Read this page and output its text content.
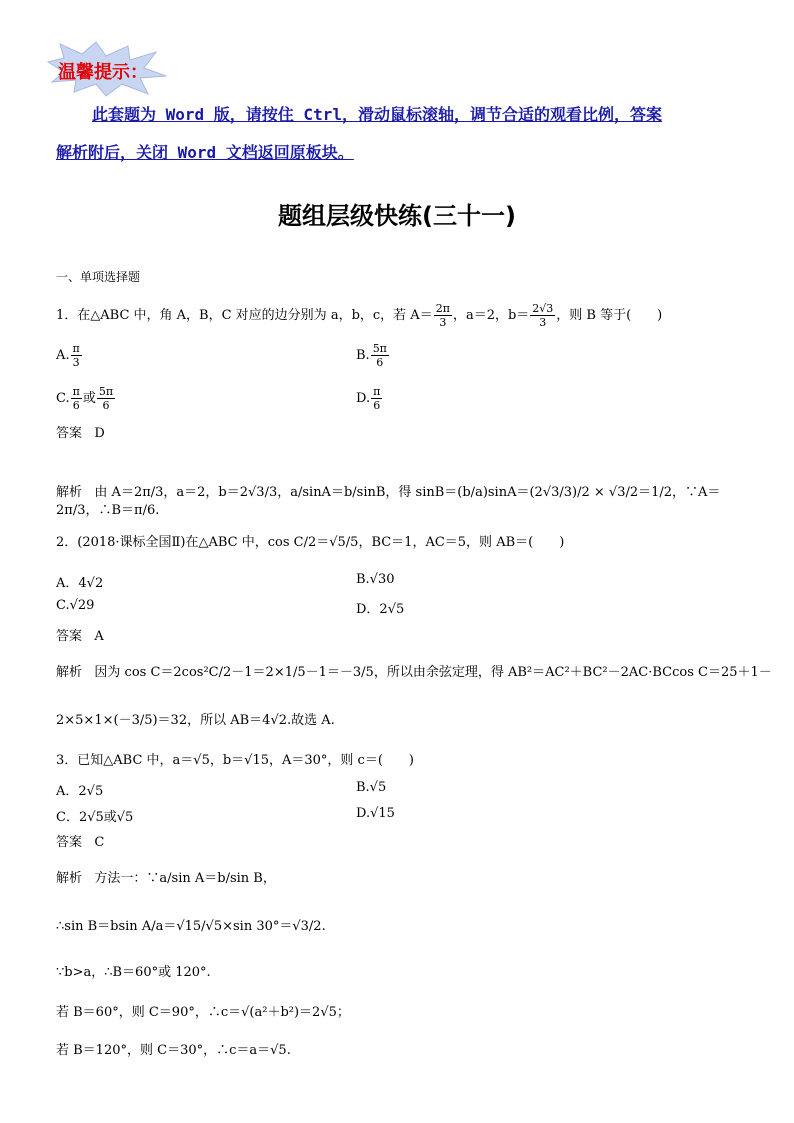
温馨提示：
此套题为 Word 版，请按住 Ctrl，滑动鼠标滚轴，调节合适的观看比例，答案
解析附后，关闭 Word 文档返回原板块。
题组层级快练(三十一)
一、单项选择题
1．在△ABC 中，角 A，B，C 对应的边分别为 a，b，c，若 $A= \frac{2\pi}{3}$ ，a＝2，$b= \frac{2√3}{3}$ ，则 B 等于(　　)
A. $\frac{\pi}{3}$	B. $\frac{5\pi}{6}$
C. $\frac{\pi}{6}$ 或 $\frac{5\pi}{6}$	D. $\frac{\pi}{6}$
答案 D
解析 由 A＝2π/3，a＝2，b＝2√3/3，a/sinA＝b/sinB，得 sinB＝(b/a)sinA＝(2√3/3)/2 × √3/2＝1/2，∵A＝2π/3，∴B＝π/6.
2．(2018·课标全国Ⅱ)在△ABC 中，cos C/2＝√5/5，BC＝1，AC＝5，则 AB＝(　　)
A．4√2	B.√30
C.√29	D．2√5
答案 A
解析 因为 cos C＝2cos²C/2－1＝2×1/5－1＝－3/5，所以由余弦定理，得 AB²＝AC²＋BC²－2AC·BCcos C＝25＋1－
2×5×1×(－3/5)＝32，所以 AB＝4√2.故选 A.
3．已知△ABC 中，a＝√5，b＝√15，A＝30°，则 c＝(　　)
A．2√5	B.√5
C．2√5或√5	D.√15
答案 C
解析 方法一：∵a/sin A＝b/sin B，
∴sin B＝bsin A/a＝√15/√5×sin 30°＝√3/2.
∵b>a，∴B＝60°或 120°.
若 B＝60°，则 C＝90°，∴c＝√(a²＋b²)＝2√5；
若 B＝120°，则 C＝30°，∴c＝a＝√5.
